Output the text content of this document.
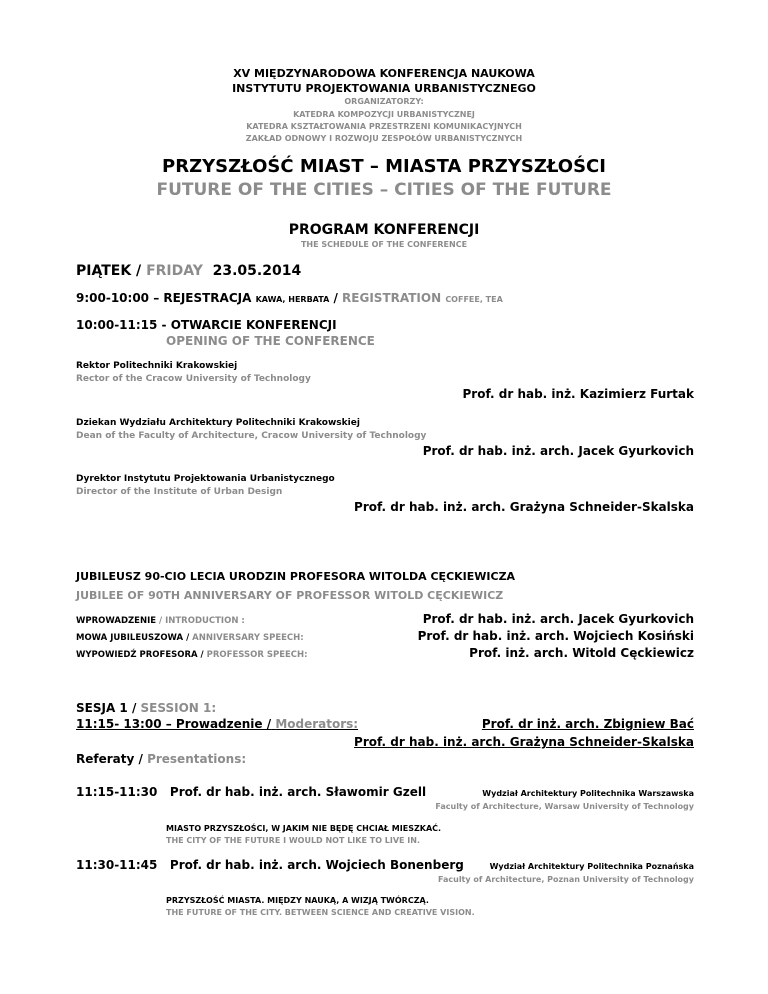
XV MIĘDZYNARODOWA KONFERENCJA NAUKOWA
INSTYTUTU PROJEKTOWANIA URBANISTYCZNEGO
ORGANIZATORZY:
KATEDRA KOMPOZYCJI URBANISTYCZNEJ
KATEDRA KSZTAŁTOWANIA PRZESTRZENI KOMUNIKACYJNYCH
ZAKŁAD ODNOWY I ROZWOJU ZESPOŁÓW URBANISTYCZNYCH
PRZYSZŁOŚĆ MIAST – MIASTA PRZYSZŁOŚCI
FUTURE OF THE CITIES – CITIES OF THE FUTURE
PROGRAM KONFERENCJI
THE SCHEDULE OF THE CONFERENCE
PIĄTEK / FRIDAY 23.05.2014
9:00-10:00 – REJESTRACJA KAWA, HERBATA / REGISTRATION COFFEE, TEA
10:00-11:15 - OTWARCIE KONFERENCJI
OPENING OF THE CONFERENCE
Rektor Politechniki Krakowskiej
Rector of the Cracow University of Technology
Prof. dr hab. inż. Kazimierz Furtak
Dziekan Wydziału Architektury Politechniki Krakowskiej
Dean of the Faculty of Architecture, Cracow University of Technology
Prof. dr hab. inż. arch. Jacek Gyurkovich
Dyrektor Instytutu Projektowania Urbanistycznego
Director of the Institute of Urban Design
Prof. dr hab. inż. arch. Grażyna Schneider-Skalska
JUBILEUSZ 90-CIO LECIA URODZIN PROFESORA WITOLDA CĘCKIEWICZA
JUBILEE OF 90TH ANNIVERSARY OF PROFESSOR WITOLD CĘCKIEWICZ
WPROWADZENIE / INTRODUCTION :	Prof. dr hab. inż. arch. Jacek Gyurkovich
MOWA JUBILEUSZOWA / ANNIVERSARY SPEECH:	Prof. dr hab. inż. arch. Wojciech Kosiński
WYPOWIEDŹ PROFESORA / PROFESSOR SPEECH:	Prof. inż. arch. Witold Cęckiewicz
SESJA 1 / SESSION 1:
11:15- 13:00 – Prowadzenie / Moderators:	Prof. dr inż. arch. Zbigniew Bać
Prof. dr hab. inż. arch. Grażyna Schneider-Skalska
Referaty / Presentations:
11:15-11:30 Prof. dr hab. inż. arch. Sławomir Gzell	Wydział Architektury Politechnika Warszawska
Faculty of Architecture, Warsaw University of Technology
MIASTO PRZYSZŁOŚCI, W JAKIM NIE BĘDĘ CHCIAŁ MIESZKAĆ.
THE CITY OF THE FUTURE I WOULD NOT LIKE TO LIVE IN.
11:30-11:45 Prof. dr hab. inż. arch. Wojciech Bonenberg	Wydział Architektury Politechnika Poznańska
Faculty of Architecture, Poznan University of Technology
PRZYSZŁOŚĆ MIASTA. MIĘDZY NAUKĄ, A WIZJĄ TWÓRCZĄ.
THE FUTURE OF THE CITY. BETWEEN SCIENCE AND CREATIVE VISION.
